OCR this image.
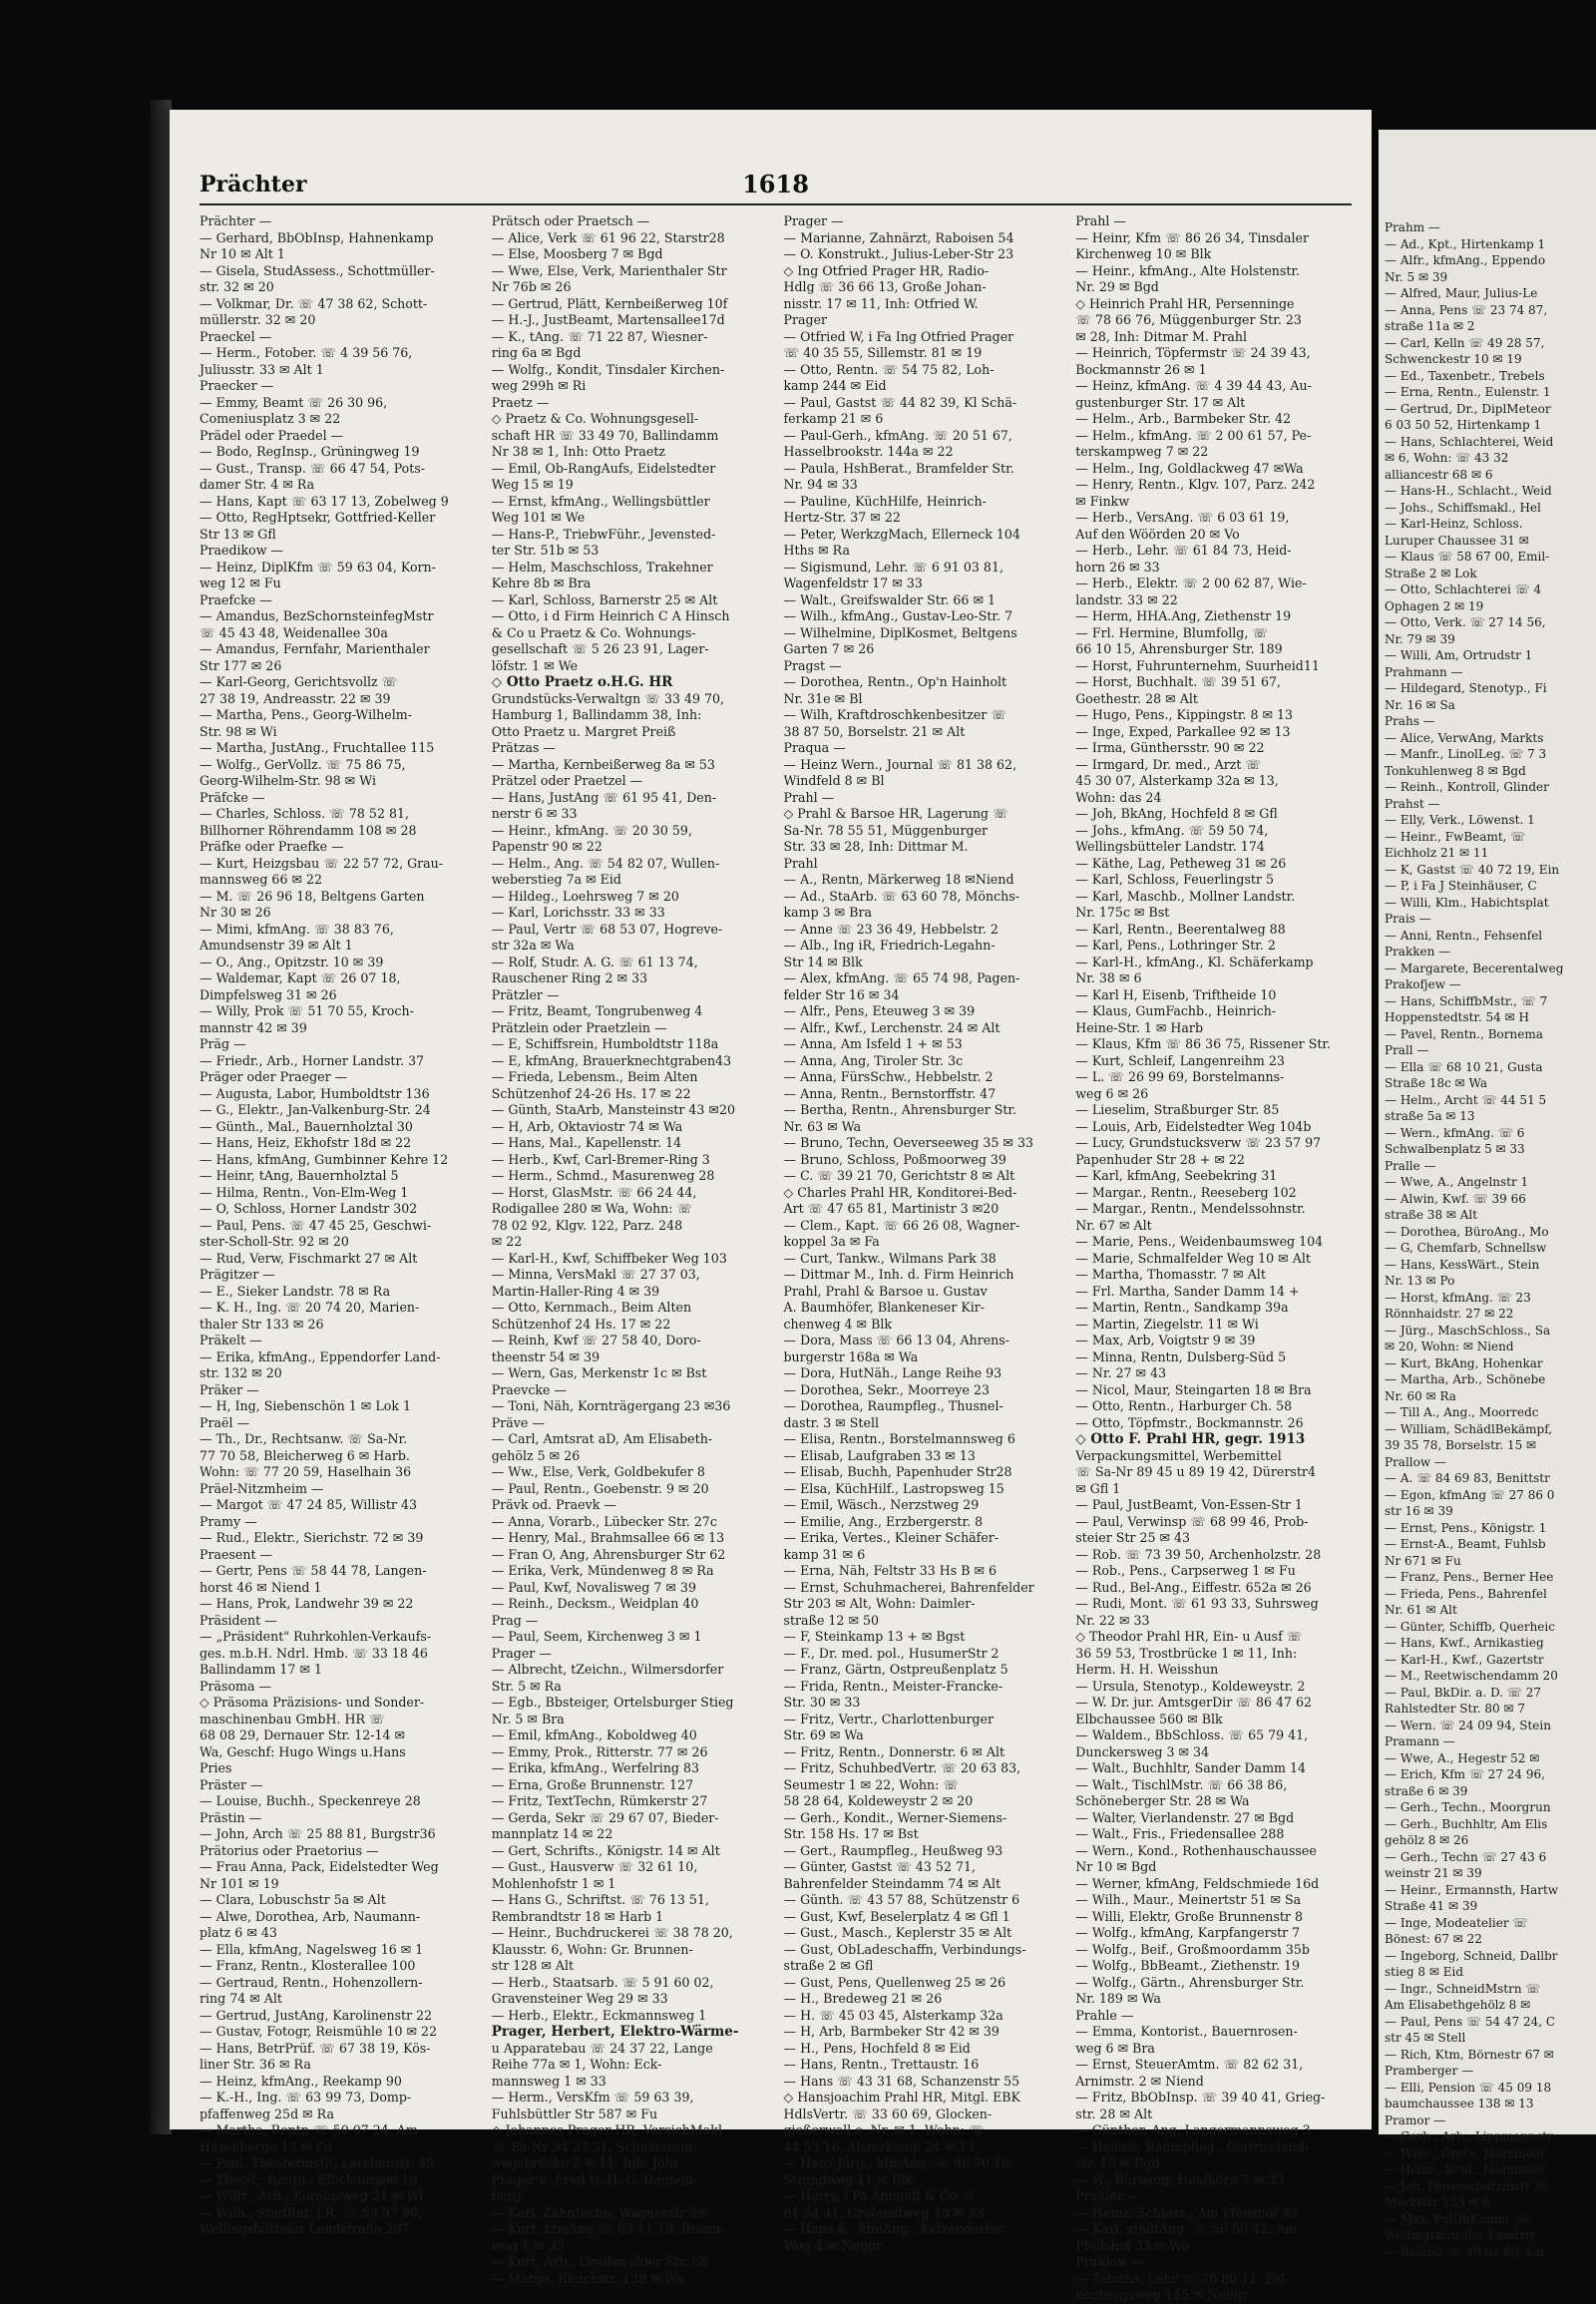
Prächter	1618
Prächter —
— Gerhard, BbObInsp, Hahnenkamp
Nr 10 ✉ Alt 1
— Gisela, StudAssess., Schottmüller-
str. 32 ✉ 20
— Volkmar, Dr. ☏ 47 38 62, Schott-
müllerstr. 32 ✉ 20
Praeckel —
— Herm., Fotober. ☏ 4 39 56 76,
Juliusstr. 33 ✉ Alt 1
Praecker —
— Emmy, Beamt ☏ 26 30 96,
Comeniusplatz 3 ✉ 22
Prädel oder Praedel —
— Bodo, RegInsp., Grüningweg 19
— Gust., Transp. ☏ 66 47 54, Pots-
damer Str. 4 ✉ Ra
— Hans, Kapt ☏ 63 17 13, Zobelweg 9
— Otto, RegHptsekr, Gottfried-Keller
Str 13 ✉ Gfl
Praedikow —
— Heinz, DiplKfm ☏ 59 63 04, Korn-
weg 12 ✉ Fu
Praefcke —
— Amandus, BezSchornsteinfegMstr
☏ 45 43 48, Weidenallee 30a
— Amandus, Fernfahr, Marienthaler
Str 177 ✉ 26
— Karl-Georg, Gerichtsvollz ☏
27 38 19, Andreasstr. 22 ✉ 39
— Martha, Pens., Georg-Wilhelm-
Str. 98 ✉ Wi
— Martha, JustAng., Fruchtallee 115
— Wolfg., GerVollz. ☏ 75 86 75,
Georg-Wilhelm-Str. 98 ✉ Wi
Präfcke —
— Charles, Schloss. ☏ 78 52 81,
Billhorner Röhrendamm 108 ✉ 28
Präfke oder Praefke —
— Kurt, Heizgsbau ☏ 22 57 72, Grau-
mannsweg 66 ✉ 22
— M. ☏ 26 96 18, Beltgens Garten
Nr 30 ✉ 26
— Mimi, kfmAng. ☏ 38 83 76,
Amundsenstr 39 ✉ Alt 1
— O., Ang., Opitzstr. 10 ✉ 39
— Waldemar, Kapt ☏ 26 07 18,
Dimpfelsweg 31 ✉ 26
— Willy, Prok ☏ 51 70 55, Kroch-
mannstr 42 ✉ 39
Präg —
— Friedr., Arb., Horner Landstr. 37
Präger oder Praeger —
— Augusta, Labor, Humboldtstr 136
— G., Elektr., Jan-Valkenburg-Str. 24
— Günth., Mal., Bauernholztal 30
— Hans, Heiz, Ekhofstr 18d ✉ 22
— Hans, kfmAng, Gumbinner Kehre 12
— Heinr, tAng, Bauernholztal 5
— Hilma, Rentn., Von-Elm-Weg 1
— O, Schloss, Horner Landstr 302
— Paul, Pens. ☏ 47 45 25, Geschwi-
ster-Scholl-Str. 92 ✉ 20
— Rud, Verw, Fischmarkt 27 ✉ Alt
Prägitzer —
— E., Sieker Landstr. 78 ✉ Ra
— K. H., Ing. ☏ 20 74 20, Marien-
thaler Str 133 ✉ 26
Präkelt —
— Erika, kfmAng., Eppendorfer Land-
str. 132 ✉ 20
Präker —
— H, Ing, Siebenschön 1 ✉ Lok 1
Praël —
— Th., Dr., Rechtsanw. ☏ Sa-Nr.
77 70 58, Bleicherweg 6 ✉ Harb.
Wohn: ☏ 77 20 59, Haselhain 36
Präel-Nitzmheim —
— Margot ☏ 47 24 85, Willistr 43
Pramy —
— Rud., Elektr., Sierichstr. 72 ✉ 39
Praesent —
— Gertr, Pens ☏ 58 44 78, Langen-
horst 46 ✉ Niend 1
— Hans, Prok, Landwehr 39 ✉ 22
Präsident —
— „Präsident" Ruhrkohlen-Verkaufs-
ges. m.b.H. Ndrl. Hmb. ☏ 33 18 46
Ballindamm 17 ✉ 1
Präsoma —
◇ Präsoma Präzisions- und Sonder-
maschinenbau GmbH. HR ☏
68 08 29, Dernauer Str. 12-14 ✉
Wa, Geschf: Hugo Wings u.Hans
Pries
Präster —
— Louise, Buchh., Speckenreye 28
Prästin —
— John, Arch ☏ 25 88 81, Burgstr36
Prätorius oder Praetorius —
— Frau Anna, Pack, Eidelstedter Weg
Nr 101 ✉ 19
— Clara, Lobuschstr 5a ✉ Alt
— Alwe, Dorothea, Arb, Naumann-
platz 6 ✉ 43
— Ella, kfmAng, Nagelsweg 16 ✉ 1
— Franz, Rentn., Klosterallee 100
— Gertraud, Rentn., Hohenzollern-
ring 74 ✉ Alt
— Gertrud, JustAng, Karolinenstr 22
— Gustav, Fotogr, Reismühle 10 ✉ 22
— Hans, BetrPrüf. ☏ 67 38 19, Kös-
liner Str. 36 ✉ Ra
— Heinz, kfmAng., Reekamp 90
— K.-H., Ing. ☏ 63 99 73, Domp-
pfaffenweg 25d ✉ Ra
— Martha, Rentn ☏ 50 07 24, Am
Hasenberge 17 ✉ Fu
— Paul, Theatermstr., Lerchenstr. 45
— Theod., Rentn., Elbchaussee 19
— Wilfr., Arb., Koralusweg 21 ✉ Wi
— Wilh., StudRat, i.R. ☏ 59 97 80,
Wellingsbütteler Landstraße 207
Prätsch oder Praetsch —
— Alice, Verk ☏ 61 96 22, Starstr28
— Else, Moosberg 7 ✉ Bgd
— Wwe, Else, Verk, Marienthaler Str
Nr 76b ✉ 26
— Gertrud, Plätt, Kernbeißerweg 10f
— H.-J., JustBeamt, Martensallee17d
— K., tAng. ☏ 71 22 87, Wiesner-
ring 6a ✉ Bgd
— Wolfg., Kondit, Tinsdaler Kirchen-
weg 299h ✉ Ri
Praetz —
◇ Praetz & Co. Wohnungsgesell-
schaft HR ☏ 33 49 70, Ballindamm
Nr 38 ✉ 1, Inh: Otto Praetz
— Emil, Ob-RangAufs, Eidelstedter
Weg 15 ✉ 19
— Ernst, kfmAng., Wellingsbüttler
Weg 101 ✉ We
— Hans-P., TriebwFühr., Jevensted-
ter Str. 51b ✉ 53
— Helm, Maschschloss, Trakehner
Kehre 8b ✉ Bra
— Karl, Schloss, Barnerstr 25 ✉ Alt
— Otto, i d Firm Heinrich C A Hinsch
& Co u Praetz & Co. Wohnungs-
gesellschaft ☏ 5 26 23 91, Lager-
löfstr. 1 ✉ We
◇ Otto Praetz o.H.G. HR
Grundstücks-Verwaltgn ☏ 33 49 70,
Hamburg 1, Ballindamm 38, Inh:
Otto Praetz u. Margret Preiß
Prätzas —
— Martha, Kernbeißerweg 8a ✉ 53
Prätzel oder Praetzel —
— Hans, JustAng ☏ 61 95 41, Den-
nerstr 6 ✉ 33
— Heinr., kfmAng. ☏ 20 30 59,
Papenstr 90 ✉ 22
— Helm., Ang. ☏ 54 82 07, Wullen-
weberstieg 7a ✉ Eid
— Hildeg., Loehrsweg 7 ✉ 20
— Karl, Lorichsstr. 33 ✉ 33
— Paul, Vertr ☏ 68 53 07, Hogreve-
str 32a ✉ Wa
— Rolf, Studr. A. G. ☏ 61 13 74,
Rauschener Ring 2 ✉ 33
Prätzler —
— Fritz, Beamt, Tongrubenweg 4
Prätzlein oder Praetzlein —
— E, Schiffsrein, Humboldtstr 118a
— E, kfmAng, Brauerknechtgraben43
— Frieda, Lebensm., Beim Alten
Schützenhof 24-26 Hs. 17 ✉ 22
— Günth, StaArb, Mansteinstr 43 ✉20
— H, Arb, Oktaviostr 74 ✉ Wa
— Hans, Mal., Kapellenstr. 14
— Herb., Kwf, Carl-Bremer-Ring 3
— Herm., Schmd., Masurenweg 28
— Horst, GlasMstr. ☏ 66 24 44,
Rodigallee 280 ✉ Wa, Wohn: ☏
78 02 92, Klgv. 122, Parz. 248
✉ 22
— Karl-H., Kwf, Schiffbeker Weg 103
— Minna, VersMakl ☏ 27 37 03,
Martin-Haller-Ring 4 ✉ 39
— Otto, Kernmach., Beim Alten
Schützenhof 24 Hs. 17 ✉ 22
— Reinh, Kwf ☏ 27 58 40, Doro-
theenstr 54 ✉ 39
— Wern, Gas, Merkenstr 1c ✉ Bst
Praevcke —
— Toni, Näh, Kornträgergang 23 ✉36
Präve —
— Carl, Amtsrat aD, Am Elisabeth-
gehölz 5 ✉ 26
— Ww., Else, Verk, Goldbekufer 8
— Paul, Rentn., Goebenstr. 9 ✉ 20
Prävk od. Praevk —
— Anna, Vorarb., Lübecker Str. 27c
— Henry, Mal., Brahmsallee 66 ✉ 13
— Fran O, Ang, Ahrensburger Str 62
— Erika, Verk, Mündenweg 8 ✉ Ra
— Paul, Kwf, Novalisweg 7 ✉ 39
— Reinh., Decksm., Weidplan 40
Prag —
— Paul, Seem, Kirchenweg 3 ✉ 1
Prager —
— Albrecht, tZeichn., Wilmersdorfer
Str. 5 ✉ Ra
— Egb., Bbsteiger, Ortelsburger Stieg
Nr. 5 ✉ Bra
— Emil, kfmAng., Koboldweg 40
— Emmy, Prok., Ritterstr. 77 ✉ 26
— Erika, kfmAng., Werfelring 83
— Erna, Große Brunnenstr. 127
— Fritz, TextTechn, Rümkerstr 27
— Gerda, Sekr ☏ 29 67 07, Bieder-
mannplatz 14 ✉ 22
— Gert, Schrifts., Königstr. 14 ✉ Alt
— Gust., Hausverw ☏ 32 61 10,
Mohlenhofstr 1 ✉ 1
— Hans G., Schriftst. ☏ 76 13 51,
Rembrandtstr 18 ✉ Harb 1
— Heinr., Buchdruckerei ☏ 38 78 20,
Klausstr. 6, Wohn: Gr. Brunnen-
str 128 ✉ Alt
— Herb., Staatsarb. ☏ 5 91 60 02,
Gravensteiner Weg 29 ✉ 33
— Herb., Elektr., Eckmannsweg 1
Prager, Herbert, Elektro-Wärme-
u Apparatebau ☏ 24 37 22, Lange
Reihe 77a ✉ 1, Wohn: Eck-
mannsweg 1 ✉ 33
— Herm., VersKfm ☏ 59 63 39,
Fuhlsbüttler Str 587 ✉ Fu
◇ Johannes Prager HR, VersichMakl
☏ Sa-Nr 34 27 51, Schaarstein-
wegsbrücke 2 ✉ 11, Inh: Johs
Prager u .Fred U. H.-G. Dannen-
berg
— Karl, Zahntechn, Wagnerstr 89
— Kurt, kfmAng ☏ 63 11 18, Bisam-
weg 1 ✉ 33
— Kurt, Arb., Greifswalder Str. 68
— Marga, Rauchstr. 128 ✉ Wa
Prager —
— Marianne, Zahnärzt, Raboisen 54
— O. Konstrukt., Julius-Leber-Str 23
◇ Ing Otfried Prager HR, Radio-
Hdlg ☏ 36 66 13, Große Johan-
nisstr. 17 ✉ 11, Inh: Otfried W.
Prager
— Otfried W, i Fa Ing Otfried Prager
☏ 40 35 55, Sillemstr. 81 ✉ 19
— Otto, Rentn. ☏ 54 75 82, Loh-
kamp 244 ✉ Eid
— Paul, Gastst ☏ 44 82 39, Kl Schä-
ferkamp 21 ✉ 6
— Paul-Gerh., kfmAng. ☏ 20 51 67,
Hasselbrookstr. 144a ✉ 22
— Paula, HshBerat., Bramfelder Str.
Nr. 94 ✉ 33
— Pauline, KüchHilfe, Heinrich-
Hertz-Str. 37 ✉ 22
— Peter, WerkzgMach, Ellerneck 104
Hths ✉ Ra
— Sigismund, Lehr. ☏ 6 91 03 81,
Wagenfeldstr 17 ✉ 33
— Walt., Greifswalder Str. 66 ✉ 1
— Wilh., kfmAng., Gustav-Leo-Str. 7
— Wilhelmine, DiplKosmet, Beltgens
Garten 7 ✉ 26
Pragst —
— Dorothea, Rentn., Op'n Hainholt
Nr. 31e ✉ Bl
— Wilh, Kraftdroschkenbesitzer ☏
38 87 50, Borselstr. 21 ✉ Alt
Praqua —
— Heinz Wern., Journal ☏ 81 38 62,
Windfeld 8 ✉ Bl
Prahl —
◇ Prahl & Barsoe HR, Lagerung ☏
Sa-Nr. 78 55 51, Müggenburger
Str. 33 ✉ 28, Inh: Dittmar M.
Prahl
— A., Rentn, Märkerweg 18 ✉Niend
— Ad., StaArb. ☏ 63 60 78, Mönchs-
kamp 3 ✉ Bra
— Anne ☏ 23 36 49, Hebbelstr. 2
— Alb., Ing iR, Friedrich-Legahn-
Str 14 ✉ Blk
— Alex, kfmAng. ☏ 65 74 98, Pagen-
felder Str 16 ✉ 34
— Alfr., Pens, Eteuweg 3 ✉ 39
— Alfr., Kwf., Lerchenstr. 24 ✉ Alt
— Anna, Am Isfeld 1 + ✉ 53
— Anna, Ang, Tiroler Str. 3c
— Anna, FürsSchw., Hebbelstr. 2
— Anna, Rentn., Bernstorffstr. 47
— Bertha, Rentn., Ahrensburger Str.
Nr. 63 ✉ Wa
— Bruno, Techn, Oeverseeweg 35 ✉ 33
— Bruno, Schloss, Poßmoorweg 39
— C. ☏ 39 21 70, Gerichtstr 8 ✉ Alt
◇ Charles Prahl HR, Konditorei-Bed-
Art ☏ 47 65 81, Martinistr 3 ✉20
— Clem., Kapt. ☏ 66 26 08, Wagner-
koppel 3a ✉ Fa
— Curt, Tankw., Wilmans Park 38
— Dittmar M., Inh. d. Firm Heinrich
Prahl, Prahl & Barsoe u. Gustav
A. Baumhöfer, Blankeneser Kir-
chenweg 4 ✉ Blk
— Dora, Mass ☏ 66 13 04, Ahrens-
burgerstr 168a ✉ Wa
— Dora, HutNäh., Lange Reihe 93
— Dorothea, Sekr., Moorreye 23
— Dorothea, Raumpfleg., Thusnel-
dastr. 3 ✉ Stell
— Elisa, Rentn., Borstelmannsweg 6
— Elisab, Laufgraben 33 ✉ 13
— Elisab, Buchh, Papenhuder Str28
— Elsa, KüchHilf., Lastropsweg 15
— Emil, Wäsch., Nerzstweg 29
— Emilie, Ang., Erzbergerstr. 8
— Erika, Vertes., Kleiner Schäfer-
kamp 31 ✉ 6
— Erna, Näh, Feltstr 33 Hs B ✉ 6
— Ernst, Schuhmacherei, Bahrenfelder
Str 203 ✉ Alt, Wohn: Daimler-
straße 12 ✉ 50
— F, Steinkamp 13 + ✉ Bgst
— F., Dr. med. pol., HusumerStr 2
— Franz, Gärtn, Ostpreußenplatz 5
— Frida, Rentn., Meister-Francke-
Str. 30 ✉ 33
— Fritz, Vertr., Charlottenburger
Str. 69 ✉ Wa
— Fritz, Rentn., Donnerstr. 6 ✉ Alt
— Fritz, SchuhbedVertr. ☏ 20 63 83,
Seumestr 1 ✉ 22, Wohn: ☏
58 28 64, Koldeweystr 2 ✉ 20
— Gerh., Kondit., Werner-Siemens-
Str. 158 Hs. 17 ✉ Bst
— Gert., Raumpfleg., Heußweg 93
— Günter, Gastst ☏ 43 52 71,
Bahrenfelder Steindamm 74 ✉ Alt
— Günth. ☏ 43 57 88, Schützenstr 6
— Gust, Kwf, Beselerplatz 4 ✉ Gfl 1
— Gust., Masch., Keplerstr 35 ✉ Alt
— Gust, ObLadeschaffn, Verbindungs-
straße 2 ✉ Gfl
— Gust, Pens, Quellenweg 25 ✉ 26
— H., Bredeweg 21 ✉ 26
— H. ☏ 45 03 45, Alsterkamp 32a
— H, Arb, Barmbeker Str 42 ✉ 39
— H., Pens, Hochfeld 8 ✉ Eid
— Hans, Rentn., Trettaustr. 16
— Hans ☏ 43 31 68, Schanzenstr 55
◇ Hansjoachim Prahl HR, Mitgl. EBK
HdlsVertr. ☏ 33 60 69, Glocken-
gießerwall o. Nr. ✉ 1, Wohn: ☏
44 53 16, Alsterkamp 24 ✉ 13
— Hans-Jürg., kfmAng. ☏ 86 70 16,
Strandweg 11 ✉ Blk
— Harry, i Fa Ammelt & Co ☏
61 34 41, Grotenstweg 13 ✉ 33
— Hans-K., kfmAng., Ketzendorfer
Weg 4 ✉ Neugr
Prahl —
— Heinr, Kfm ☏ 86 26 34, Tinsdaler
Kirchenweg 10 ✉ Blk
— Heinr., kfmAng., Alte Holstenstr.
Nr. 29 ✉ Bgd
◇ Heinrich Prahl HR, Persenninge
☏ 78 66 76, Müggenburger Str. 23
✉ 28, Inh: Ditmar M. Prahl
— Heinrich, Töpfermstr ☏ 24 39 43,
Bockmannstr 26 ✉ 1
— Heinz, kfmAng. ☏ 4 39 44 43, Au-
gustenburger Str. 17 ✉ Alt
— Helm., Arb., Barmbeker Str. 42
— Helm., kfmAng. ☏ 2 00 61 57, Pe-
terskampweg 7 ✉ 22
— Helm., Ing, Goldlackweg 47 ✉Wa
— Henry, Rentn., Klgv. 107, Parz. 242
✉ Finkw
— Herb., VersAng. ☏ 6 03 61 19,
Auf den Wöörden 20 ✉ Vo
— Herb., Lehr. ☏ 61 84 73, Heid-
horn 26 ✉ 33
— Herb., Elektr. ☏ 2 00 62 87, Wie-
landstr. 33 ✉ 22
— Herm, HHA.Ang, Ziethenstr 19
— Frl. Hermine, Blumfollg, ☏
66 10 15, Ahrensburger Str. 189
— Horst, Fuhrunternehm, Suurheid11
— Horst, Buchhalt. ☏ 39 51 67,
Goethestr. 28 ✉ Alt
— Hugo, Pens., Kippingstr. 8 ✉ 13
— Inge, Exped, Parkallee 92 ✉ 13
— Irma, Günthersstr. 90 ✉ 22
— Irmgard, Dr. med., Arzt ☏
45 30 07, Alsterkamp 32a ✉ 13,
Wohn: das 24
— Joh, BkAng, Hochfeld 8 ✉ Gfl
— Johs., kfmAng. ☏ 59 50 74,
Wellingsbütteler Landstr. 174
— Käthe, Lag, Petheweg 31 ✉ 26
— Karl, Schloss, Feuerlingstr 5
— Karl, Maschb., Mollner Landstr.
Nr. 175c ✉ Bst
— Karl, Rentn., Beerentalweg 88
— Karl, Pens., Lothringer Str. 2
— Karl-H., kfmAng., Kl. Schäferkamp
Nr. 38 ✉ 6
— Karl H, Eisenb, Triftheide 10
— Klaus, GumFachb., Heinrich-
Heine-Str. 1 ✉ Harb
— Klaus, Kfm ☏ 86 36 75, Rissener Str.
— Kurt, Schleif, Langenreihm 23
— L. ☏ 26 99 69, Borstelmanns-
weg 6 ✉ 26
— Lieselim, Straßburger Str. 85
— Louis, Arb, Eidelstedter Weg 104b
— Lucy, Grundstucksverw ☏ 23 57 97
Papenhuder Str 28 + ✉ 22
— Karl, kfmAng, Seebekring 31
— Margar., Rentn., Reeseberg 102
— Margar., Rentn., Mendelssohnstr.
Nr. 67 ✉ Alt
— Marie, Pens., Weidenbaumsweg 104
— Marie, Schmalfelder Weg 10 ✉ Alt
— Martha, Thomasstr. 7 ✉ Alt
— Frl. Martha, Sander Damm 14 +
— Martin, Rentn., Sandkamp 39a
— Martin, Ziegelstr. 11 ✉ Wi
— Max, Arb, Voigtstr 9 ✉ 39
— Minna, Rentn, Dulsberg-Süd 5
— Nr. 27 ✉ 43
— Nicol, Maur, Steingarten 18 ✉ Bra
— Otto, Rentn., Harburger Ch. 58
— Otto, Töpfmstr., Bockmannstr. 26
◇ Otto F. Prahl HR, gegr. 1913
Verpackungsmittel, Werbemittel
☏ Sa-Nr 89 45 u 89 19 42, Dürerstr4
✉ Gfl 1
— Paul, JustBeamt, Von-Essen-Str 1
— Paul, Verwinsp ☏ 68 99 46, Prob-
steier Str 25 ✉ 43
— Rob. ☏ 73 39 50, Archenholzstr. 28
— Rob., Pens., Carpserweg 1 ✉ Fu
— Rud., Bel-Ang., Eiffestr. 652a ✉ 26
— Rudi, Mont. ☏ 61 93 33, Suhrsweg
Nr. 22 ✉ 33
◇ Theodor Prahl HR, Ein- u Ausf ☏
36 59 53, Trostbrücke 1 ✉ 11, Inh:
Herm. H. H. Weisshun
— Ursula, Stenotyp., Koldeweystr. 2
— W. Dr. jur. AmtsgerDir ☏ 86 47 62
Elbchaussee 560 ✉ Blk
— Waldem., BbSchloss. ☏ 65 79 41,
Dunckersweg 3 ✉ 34
— Walt., Buchhltr, Sander Damm 14
— Walt., TischlMstr. ☏ 66 38 86,
Schöneberger Str. 28 ✉ Wa
— Walter, Vierlandenstr. 27 ✉ Bgd
— Walt., Fris., Friedensallee 288
— Wern., Kond., Rothenhauschaussee
Nr 10 ✉ Bgd
— Werner, kfmAng, Feldschmiede 16d
— Wilh., Maur., Meinertstr 51 ✉ Sa
— Willi, Elektr, Große Brunnenstr 8
— Wolfg., kfmAng, Karpfangerstr 7
— Wolfg., Beif., Großmoordamm 35b
— Wolfg., BbBeamt., Ziethenstr. 19
— Wolfg., Gärtn., Ahrensburger Str.
Nr. 189 ✉ Wa
Prahle —
— Emma, Kontorist., Bauernrosen-
weg 6 ✉ Bra
— Ernst, SteuerAmtm. ☏ 82 62 31,
Arnimstr. 2 ✉ Niend
— Fritz, BbObInsp. ☏ 39 40 41, Grieg-
str. 28 ✉ Alt
— Günther, Ang, Langermannsweg 3
— Helene, Raumpfleg., Ostfriesland-
str. 15 ✉ Bgd
— W., Büroang, Heidhörn 7 ✉ 33
Prahler —
— Heinz, Schloss., Am Pfeilshof 33
— Karl, städtAng. ☏ 56 50 42, Am
Pfeilshof 33 ✉ We
Prahlow —
— Tabitha, Lehr ☏ 76 80 11, Fal-
kenbergsweg 145 ✉ Neugr
Prahm —
— Ad., Kpt., Hirtenkamp 1
— Alfr., kfmAng., Eppendo
Nr. 5 ✉ 39
— Alfred, Maur, Julius-Le
— Anna, Pens ☏ 23 74 87,
straße 11a ✉ 2
— Carl, Kelln ☏ 49 28 57,
Schwenckestr 10 ✉ 19
— Ed., Taxenbetr., Trebels
— Erna, Rentn., Eulenstr. 1
— Gertrud, Dr., DiplMeteor
6 03 50 52, Hirtenkamp 1
— Hans, Schlachterei, Weid
✉ 6, Wohn: ☏ 43 32
alliancestr 68 ✉ 6
— Hans-H., Schlacht., Weid
— Johs., Schiffsmakl., Hel
— Karl-Heinz, Schloss.
Luruper Chaussee 31 ✉
— Klaus ☏ 58 67 00, Emil-
Straße 2 ✉ Lok
— Otto, Schlachterei ☏ 4
Ophagen 2 ✉ 19
— Otto, Verk. ☏ 27 14 56,
Nr. 79 ✉ 39
— Willi, Am, Ortrudstr 1
Prahmann —
— Hildegard, Stenotyp., Fi
Nr. 16 ✉ Sa
Prahs —
— Alice, VerwAng, Markts
— Manfr., LinolLeg. ☏ 7 3
Tonkuhlenweg 8 ✉ Bgd
— Reinh., Kontroll, Glinder
Prahst —
— Elly, Verk., Löwenst. 1
— Heinr., FwBeamt, ☏
Eichholz 21 ✉ 11
— K, Gastst ☏ 40 72 19, Ein
— P, i Fa J Steinhäuser, C
— Willi, Klm., Habichtsplat
Prais —
— Anni, Rentn., Fehsenfel
Prakken —
— Margarete, Becerentalweg
Prakofjew —
— Hans, SchiffbMstr., ☏ 7
Hoppenstedtstr. 54 ✉ H
— Pavel, Rentn., Bornema
Prall —
— Ella ☏ 68 10 21, Gusta
Straße 18c ✉ Wa
— Helm., Archt ☏ 44 51 5
straße 5a ✉ 13
— Wern., kfmAng. ☏ 6
Schwalbenplatz 5 ✉ 33
Pralle —
— Wwe, A., Angelnstr 1
— Alwin, Kwf. ☏ 39 66
straße 38 ✉ Alt
— Dorothea, BüroAng., Mo
— G, Chemfarb, Schnellsw
— Hans, KessWärt., Stein
Nr. 13 ✉ Po
— Horst, kfmAng. ☏ 23
Rönnhaidstr. 27 ✉ 22
— Jürg., MaschSchloss., Sa
✉ 20, Wohn: ✉ Niend
— Kurt, BkAng, Hohenkar
— Martha, Arb., Schönebe
Nr. 60 ✉ Ra
— Till A., Ang., Moorredc
— William, SchädlBekämpf,
39 35 78, Borselstr. 15 ✉
Prallow —
— A. ☏ 84 69 83, Benittstr
— Egon, kfmAng ☏ 27 86 0
str 16 ✉ 39
— Ernst, Pens., Königstr. 1
— Ernst-A., Beamt, Fuhlsb
Nr 671 ✉ Fu
— Franz, Pens., Berner Hee
— Frieda, Pens., Bahrenfel
Nr. 61 ✉ Alt
— Günter, Schiffb, Querheic
— Hans, Kwf., Arnikastieg
— Karl-H., Kwf., Gazertstr
— M., Reetwischendamm 20
— Paul, BkDir. a. D. ☏ 27
Rahlstedter Str. 80 ✉ 7
— Wern. ☏ 24 09 94, Stein
Pramann —
— Wwe, A., Hegestr 52 ✉
— Erich, Kfm ☏ 27 24 96,
straße 6 ✉ 39
— Gerh., Techn., Moorgrun
— Gerh., Buchhltr, Am Elis
gehölz 8 ✉ 26
— Gerh., Techn ☏ 27 43 6
weinstr 21 ✉ 39
— Heinr., Ermannsth, Hartw
Straße 41 ✉ 39
— Inge, Modeatelier ☏
Bönest: 67 ✉ 22
— Ingeborg, Schneid, Dallbr
stieg 8 ✉ Eid
— Ingr., SchneidMstrn ☏
Am Elisabethgehölz 8 ✉
— Paul, Pens ☏ 54 47 24, C
str 45 ✉ Stell
— Rich, Ktm, Börnestr 67 ✉
Pramberger —
— Elli, Pension ☏ 45 09 18
baumchaussee 138 ✉ 13
Pramor —
— Gerh., Arb., Lippmannstr
— Wwe., Grete, Jaarsmoor
— Heinr., Schl., Jaarsmoor
— Joh, Feuerschutzmstr ☏
Marktstr 133 ✉ 6
— Max, PolObKomm. ☏
Wellingsbütteler Landstr
— Roland ☏ 40 02 60, Un
